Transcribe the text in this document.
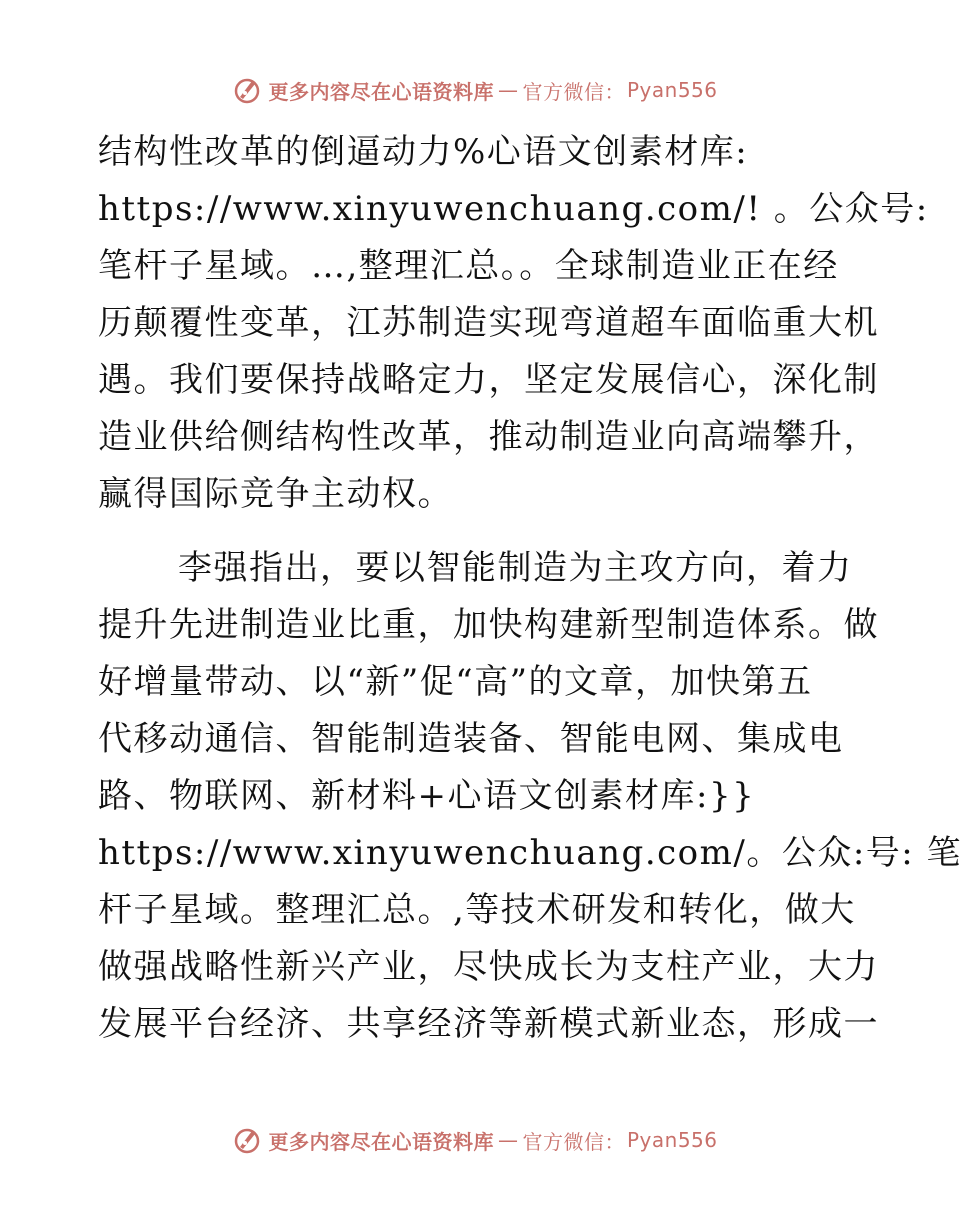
更多内容尽在心语资料库 — 官方微信： Pyan556
结构性改革的倒逼动力%心语文创素材库:
https://www.xinyuwenchuang.com/! 。公众号:
笔杆子星域。…,整理汇总。。全球制造业正在经
历颠覆性变革，江苏制造实现弯道超车面临重大机
遇。我们要保持战略定力，坚定发展信心，深化制
造业供给侧结构性改革，推动制造业向高端攀升，
赢得国际竞争主动权。
李强指出，要以智能制造为主攻方向，着力
提升先进制造业比重，加快构建新型制造体系。做
好增量带动、以“新”促“高”的文章，加快第五
代移动通信、智能制造装备、智能电网、集成电
路、物联网、新材料+心语文创素材库:}}
https://www.xinyuwenchuang.com/。公众:号: 笔
杆子星域。整理汇总。,等技术研发和转化，做大
做强战略性新兴产业，尽快成长为支柱产业，大力
发展平台经济、共享经济等新模式新业态，形成一
更多内容尽在心语资料库 — 官方微信： Pyan556
